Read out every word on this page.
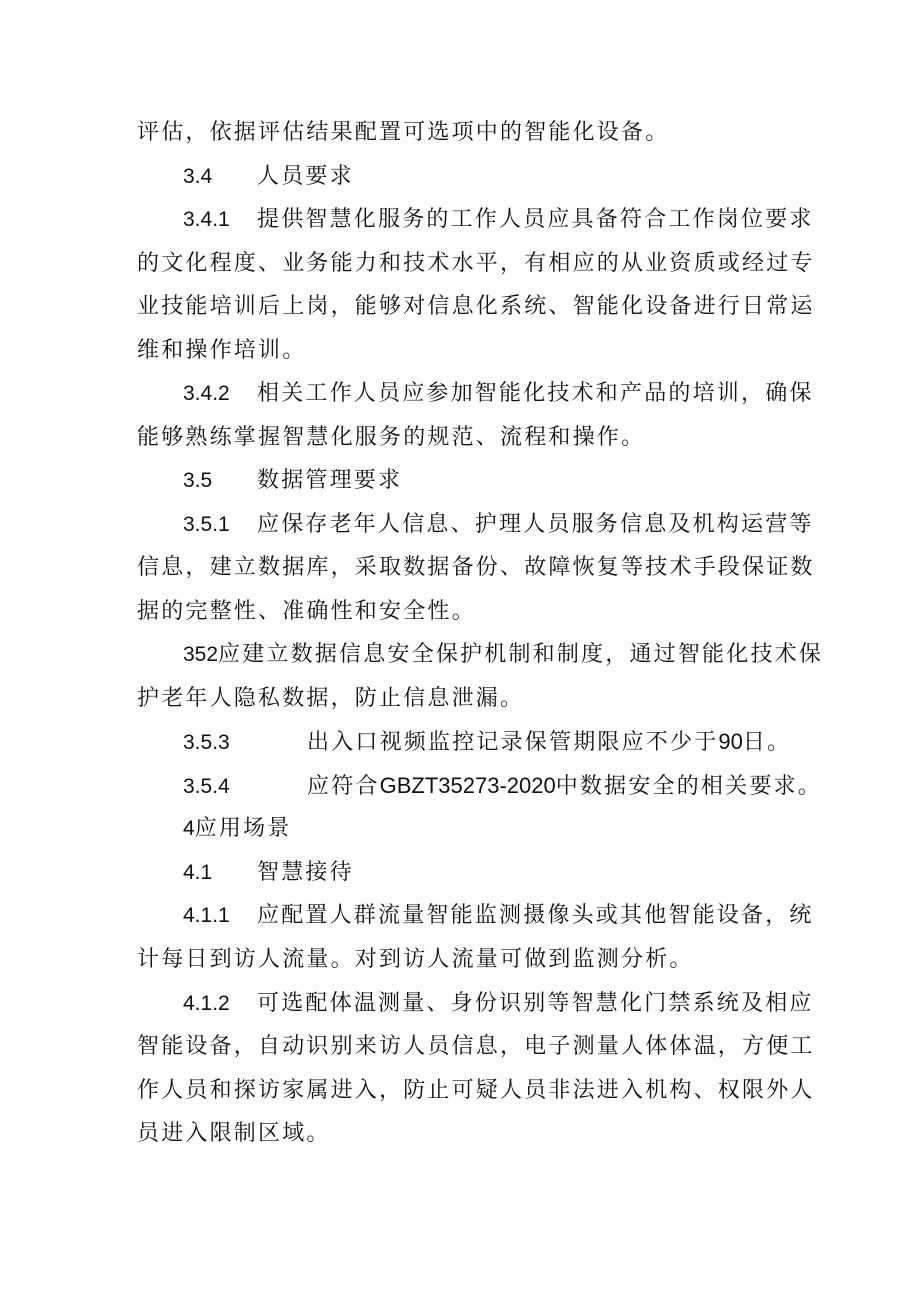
评估，依据评估结果配置可选项中的智能化设备。
3.4 人员要求
3.4.1 提供智慧化服务的工作人员应具备符合工作岗位要求
的文化程度、业务能力和技术水平，有相应的从业资质或经过专
业技能培训后上岗，能够对信息化系统、智能化设备进行日常运
维和操作培训。
3.4.2 相关工作人员应参加智能化技术和产品的培训，确保
能够熟练掌握智慧化服务的规范、流程和操作。
3.5 数据管理要求
3.5.1 应保存老年人信息、护理人员服务信息及机构运营等
信息，建立数据库，采取数据备份、故障恢复等技术手段保证数
据的完整性、准确性和安全性。
352应建立数据信息安全保护机制和制度，通过智能化技术保
护老年人隐私数据，防止信息泄漏。
3.5.3	出入口视频监控记录保管期限应不少于90日。
3.5.4	应符合GBZT35273-2020中数据安全的相关要求。
4应用场景
4.1 智慧接待
4.1.1 应配置人群流量智能监测摄像头或其他智能设备，统
计每日到访人流量。对到访人流量可做到监测分析。
4.1.2 可选配体温测量、身份识别等智慧化门禁系统及相应
智能设备，自动识别来访人员信息，电子测量人体体温，方便工
作人员和探访家属进入，防止可疑人员非法进入机构、权限外人
员进入限制区域。
